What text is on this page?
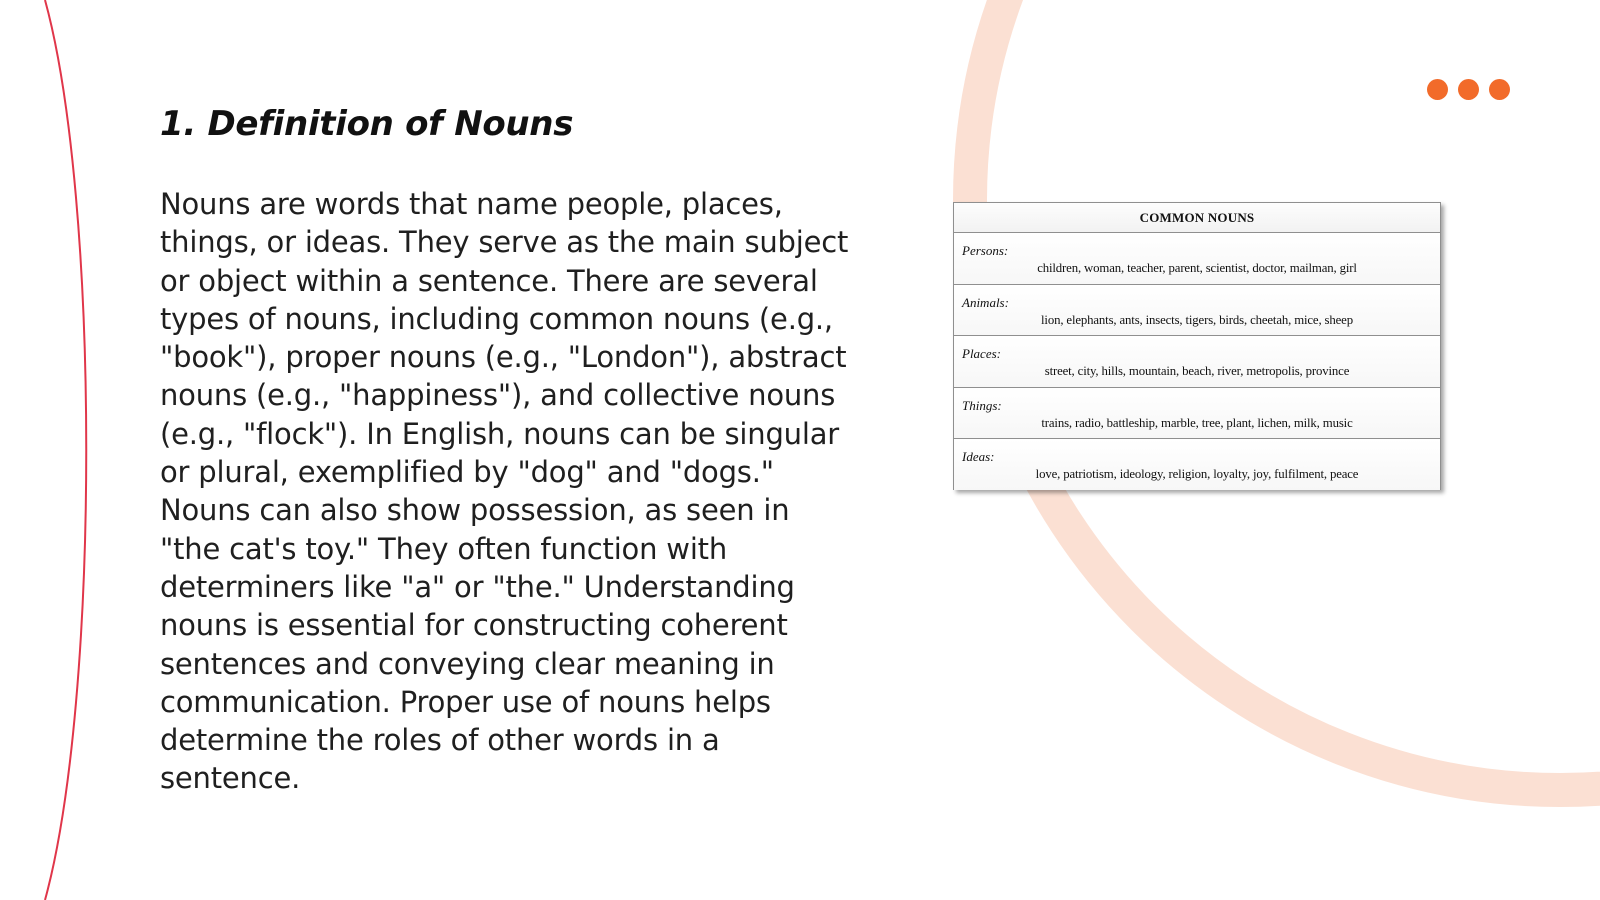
1. Definition of Nouns
Nouns are words that name people, places, things, or ideas. They serve as the main subject or object within a sentence. There are several types of nouns, including common nouns (e.g., "book"), proper nouns (e.g., "London"), abstract nouns (e.g., "happiness"), and collective nouns (e.g., "flock"). In English, nouns can be singular or plural, exemplified by "dog" and "dogs." Nouns can also show possession, as seen in "the cat's toy." They often function with determiners like "a" or "the." Understanding nouns is essential for constructing coherent sentences and conveying clear meaning in communication. Proper use of nouns helps determine the roles of other words in a sentence.
COMMON NOUNS
Persons:
children, woman, teacher, parent, scientist, doctor, mailman, girl
Animals:
lion, elephants, ants, insects, tigers, birds, cheetah, mice, sheep
Places:
street, city, hills, mountain, beach, river, metropolis, province
Things:
trains, radio, battleship, marble, tree, plant, lichen, milk, music
Ideas:
love, patriotism, ideology, religion, loyalty, joy, fulfilment, peace
